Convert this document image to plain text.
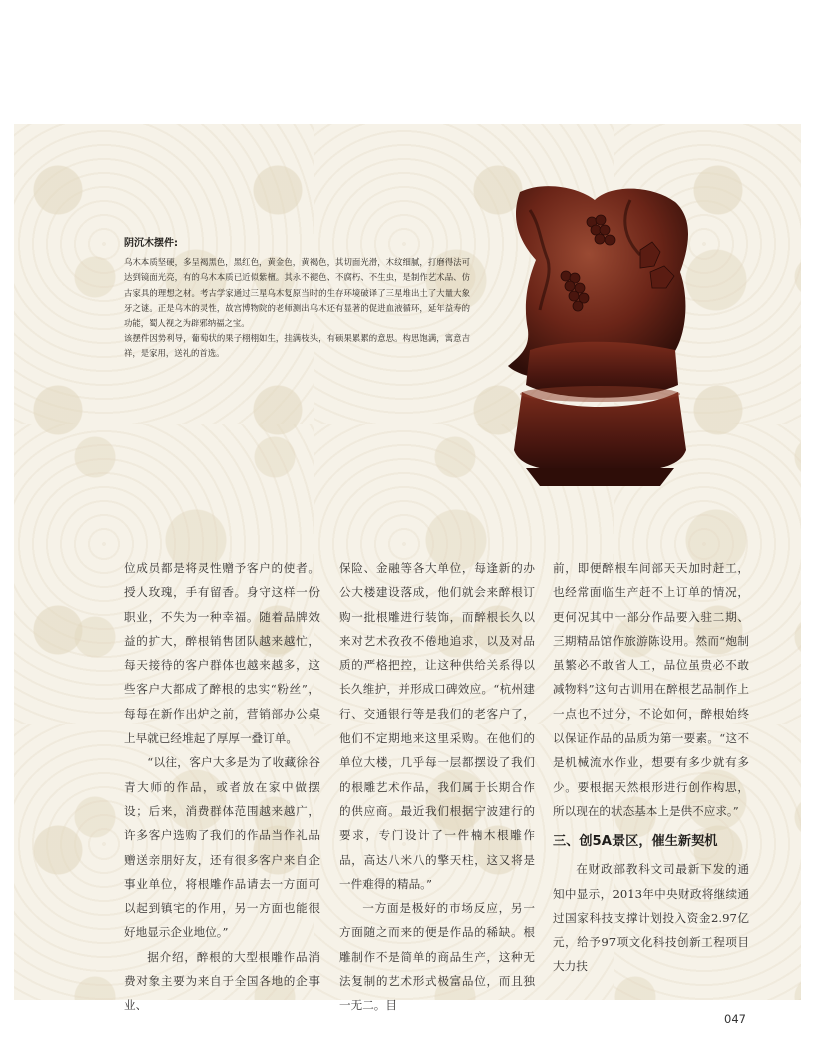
阴沉木摆件:

乌木本质坚硬，多呈褐黑色，黑红色，黄金色，黄褐色，其切面光滑，木纹细腻，打磨得法可达到镜面光亮，有的乌木本质已近似紫檀。其永不褪色、不腐朽、不生虫，是制作艺术品、仿古家具的理想之材。考古学家通过三星乌木复原当时的生存环境破译了三星堆出土了大量大象牙之谜。正是乌木的灵性，故宫博物院的老师测出乌木还有显著的促进血液循环，延年益寿的功能，蜀人视之为辟邪纳福之宝。

该摆件因势利导，葡萄状的果子栩栩如生，挂满枝头，有硕果累累的意思。构思饱满，寓意吉祥，是家用，送礼的首选。

位成员都是将灵性赠予客户的使者。授人玫瑰，手有留香。身守这样一份职业，不失为一种幸福。随着品牌效益的扩大，醉根销售团队越来越忙，每天接待的客户群体也越来越多，这些客户大都成了醉根的忠实“粉丝”，每每在新作出炉之前，营销部办公桌上早就已经堆起了厚厚一叠订单。

“以往，客户大多是为了收藏徐谷青大师的作品，或者放在家中做摆设；后来，消费群体范围越来越广，许多客户选购了我们的作品当作礼品赠送亲朋好友，还有很多客户来自企事业单位，将根雕作品请去一方面可以起到镇宅的作用，另一方面也能很好地显示企业地位。”

据介绍，醉根的大型根雕作品消费对象主要为来自于全国各地的企事业、

保险、金融等各大单位，每逢新的办公大楼建设落成，他们就会来醉根订购一批根雕进行装饰，而醉根长久以来对艺术孜孜不倦地追求，以及对品质的严格把控，让这种供给关系得以长久维护，并形成口碑效应。“杭州建行、交通银行等是我们的老客户了，他们不定期地来这里采购。在他们的单位大楼，几乎每一层都摆设了我们的根雕艺术作品，我们属于长期合作的供应商。最近我们根据宁波建行的要求，专门设计了一件楠木根雕作品，高达八米八的擎天柱，这又将是一件难得的精品。”

一方面是极好的市场反应，另一方面随之而来的便是作品的稀缺。根雕制作不是简单的商品生产，这种无法复制的艺术形式极富品位，而且独一无二。目

前，即便醉根车间部天天加时赶工，也经常面临生产赶不上订单的情况，更何况其中一部分作品要入驻二期、三期精品馆作旅游陈设用。然而“炮制虽繁必不敢省人工，品位虽贵必不敢减物料”这句古训用在醉根艺品制作上一点也不过分，不论如何，醉根始终以保证作品的品质为第一要素。“这不是机械流水作业，想要有多少就有多少。要根据天然根形进行创作构思，所以现在的状态基本上是供不应求。”

三、创5A景区，催生新契机

在财政部教科文司最新下发的通知中显示，2013年中央财政将继续通过国家科技支撑计划投入资金2.97亿元，给予97项文化科技创新工程项目大力扶

047
